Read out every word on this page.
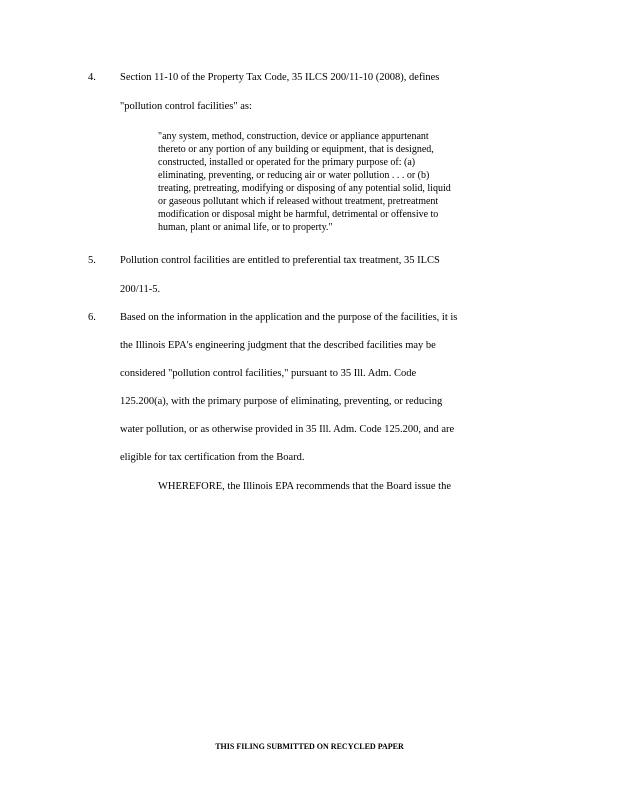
4. Section 11-10 of the Property Tax Code, 35 ILCS 200/11-10 (2008), defines
"pollution control facilities" as:
"any system, method, construction, device or appliance appurtenant
thereto or any portion of any building or equipment, that is designed,
constructed, installed or operated for the primary purpose of: (a)
eliminating, preventing, or reducing air or water pollution . . . or (b)
treating, pretreating, modifying or disposing of any potential solid, liquid
or gaseous pollutant which if released without treatment, pretreatment
modification or disposal might be harmful, detrimental or offensive to
human, plant or animal life, or to property."
5. Pollution control facilities are entitled to preferential tax treatment, 35 ILCS
200/11-5.
6. Based on the information in the application and the purpose of the facilities, it is
the Illinois EPA's engineering judgment that the described facilities may be
considered "pollution control facilities," pursuant to 35 Ill. Adm. Code
125.200(a), with the primary purpose of eliminating, preventing, or reducing
water pollution, or as otherwise provided in 35 Ill. Adm. Code 125.200, and are
eligible for tax certification from the Board.
WHEREFORE, the Illinois EPA recommends that the Board issue the
THIS FILING SUBMITTED ON RECYCLED PAPER
